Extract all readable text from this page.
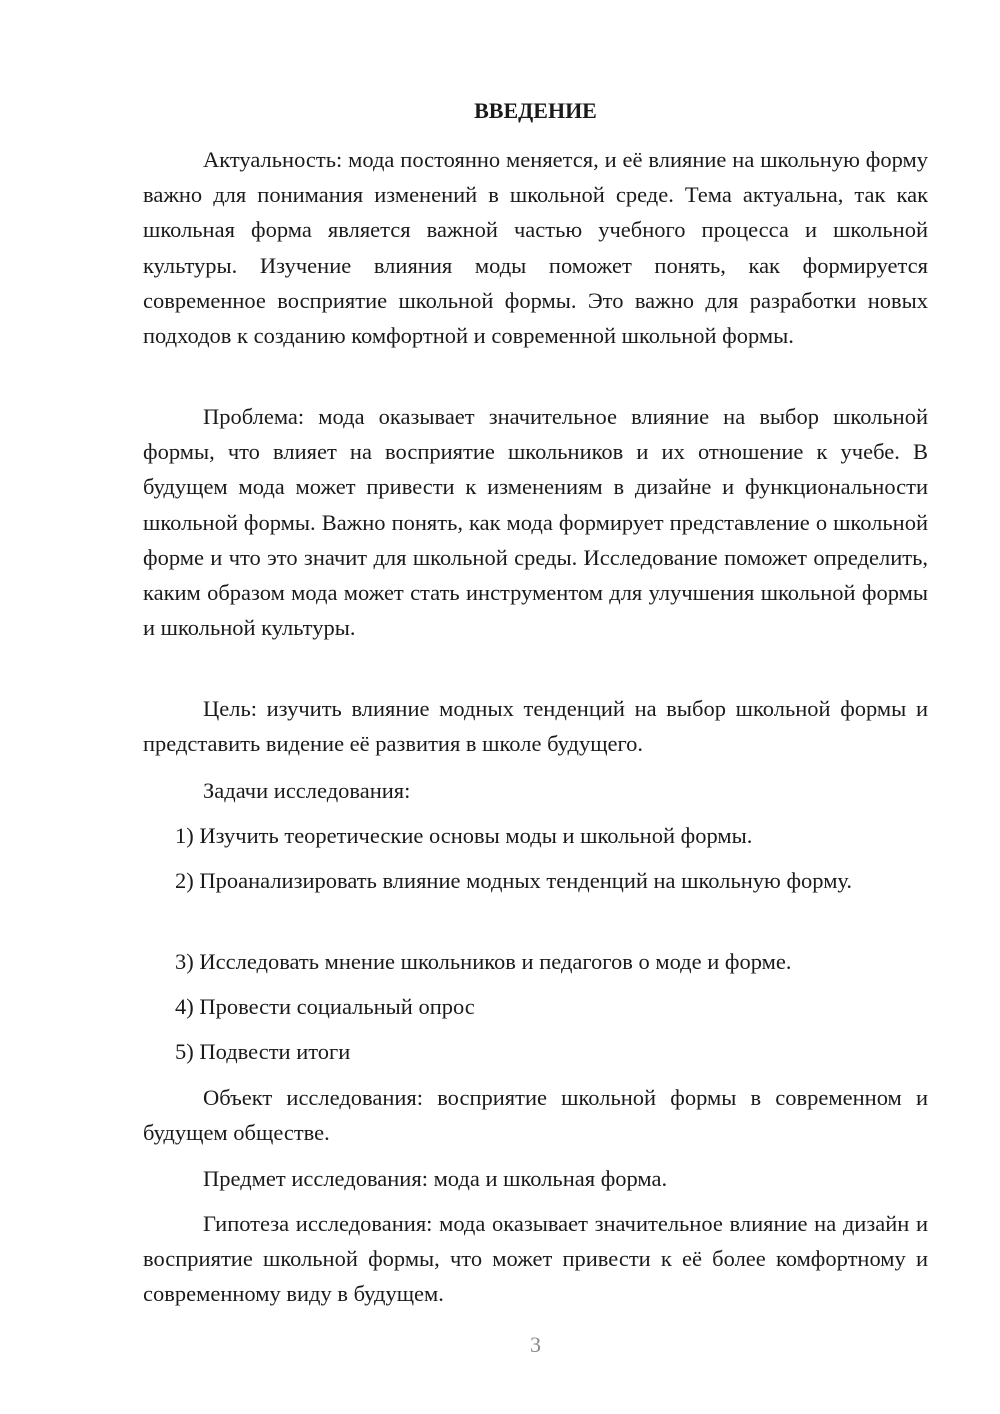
ВВЕДЕНИЕ

Актуальность: мода постоянно меняется, и её влияние на школьную форму важно для понимания изменений в школьной среде. Тема актуальна, так как школьная форма является важной частью учебного процесса и школьной культуры. Изучение влияния моды поможет понять, как формируется современное восприятие школьной формы. Это важно для разработки новых подходов к созданию комфортной и современной школьной формы.

Проблема: мода оказывает значительное влияние на выбор школьной формы, что влияет на восприятие школьников и их отношение к учебе. В будущем мода может привести к изменениям в дизайне и функциональности школьной формы. Важно понять, как мода формирует представление о школьной форме и что это значит для школьной среды. Исследование поможет определить, каким образом мода может стать инструментом для улучшения школьной формы и школьной культуры.

Цель: изучить влияние модных тенденций на выбор школьной формы и представить видение её развития в школе будущего.

Задачи исследования:

1) Изучить теоретические основы моды и школьной формы.

2) Проанализировать влияние модных тенденций на школьную форму.

3) Исследовать мнение школьников и педагогов о моде и форме.

4) Провести социальный опрос

5) Подвести итоги

Объект исследования: восприятие школьной формы в современном и будущем обществе.

Предмет исследования: мода и школьная форма.

Гипотеза исследования: мода оказывает значительное влияние на дизайн и восприятие школьной формы, что может привести к её более комфортному и современному виду в будущем.

3
